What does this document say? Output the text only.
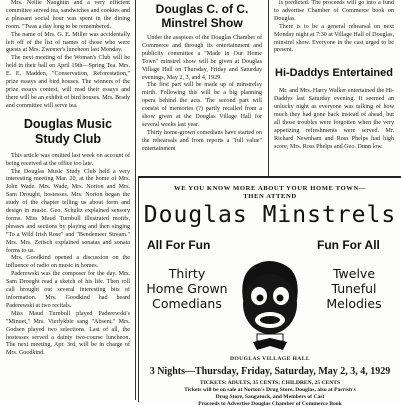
Mrs. Nellie Naughtin and a very efficient committee served tea, sandwiches and cookies and a pleasant social hour was spent in the dining room. "Twas a day long to be remembered.

The name of Mrs. G. E. Miller was accidentally left off of the list of names of those who were guests at Mrs. Zwemer's luncheon last Monday.

The next meeting of the Woman's Club will be held in their hall on April 19th—Spring Tea. Mrs. E. E. Madden, "Conservation, Reforestation," prize essays and bird houses. The winners of the prize essays contest, will read their essays and there will be an exhibit of bird houses. Mrs. Brady and committee will serve tea.

Douglas Music Study Club

This article was omitted last week on account of being received at the office too late.

The Douglas Music Study Club held a very interesting meeting Mar. 20, at the home of Mrs. John Wade. Mrs. Wade, Mrs. Norton and Mrs. Sam Drought, hostesses. Mrs. Norton began the study of the chapter telling us about form and design in music. Geo. Schultz explained sensory forms. Miss Maud Turnbull illustrated motifs, phrases and sections by playing and then singing "To a Wild Irish Rose" and "Bendemeer Stream." Mrs. Mrs. Zeitsch explained sonatas and sonata forms to us.

Mrs. Goodkind opened a discussion on the influence of radio on music in homes.

Paderewski was the composer for the day. Mrs. Sam Drought read a sketch of his life. Then roll call brought out several interesting bits of information. Mrs. Goodkind had heard Paderewski at two recitals.

Miss Maud Turnbull played Paderewski's "Minuet," Mrs. Vierlykbie sang "Absent." Mrs. Godsen played two selections. Last of all, the hostesses served a dainty two-course luncheon. The next meeting, Apr. 3rd, will be in charge of Mrs. Goodkind.

Douglas C. of C. Minstrel Show

Under the auspices of the Douglas Chamber of Commerce and through its entertainment and publicity committee a "Made in Our Home Town" minstrel show will be given at Douglas Village Hall on Thursday, Friday and Saturday evenings, May 2, 3, and 4, 1929.

The first part will be made up of minstrelsy mirth. Following this will be a big planning opera behind the acts. The second part will consist of memories (?) partly recalled from a show given at the Douglas Village Hall for several weeks last year.

Thirty home-grown comedians have started on the rehearsals and from reports a "full value" entertainment

is predicted. The proceeds will go into a fund to advertise Chamber of Commerce book on Douglas.

There is to be a general rehearsal on next Monday night at 7:30 at Village Hall of Douglas, minstrel show. Everyone in the cast urged to be present.

Hi-Daddys Entertained

Mr. and Mrs. Harry Walker entertained the Hi-Daddys last Saturday evening. It seemed an unlucky night as everyone was talking of how much they had gone back instead of ahead, but all those troubles were forgotten when the very appetizing refreshments were served. Mr. Richard Newnham and Ross Phelps had high score, Mrs. Ross Phelps and Geo. Dunn low.

WE YOU KNOW MORE ABOUT YOUR HOME TOWN—
THEN ATTEND
Douglas Minstrels
All For Fun	Fun For All
Thirty
Home Grown
Comedians
Twelve
Tuneful
Melodies
DOUGLAS VILLAGE HALL
3 Nights—Thursday, Friday, Saturday, May 2, 3, 4, 1929
TICKETS: ADULTS, 35 CENTS; CHILDREN, 25 CENTS
Tickets will be on sale at Norton's Drug Store, Douglas, also at Parrish's
Drug Store, Saugatuck, and Members of Cast
Proceeds to Advertise Douglas Chamber of Commerce Book
